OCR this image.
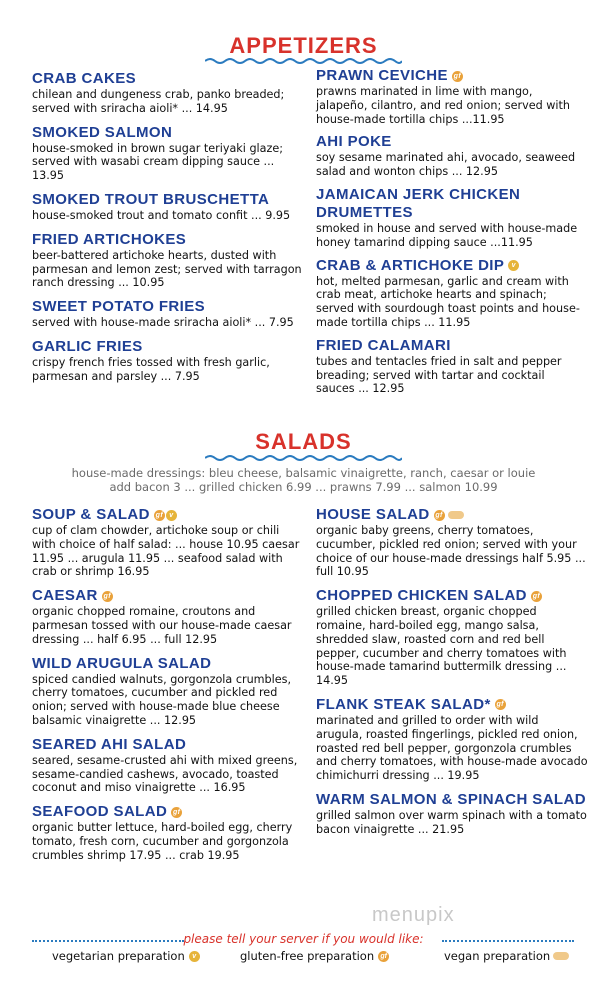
APPETIZERS
CRAB CAKES
chilean and dungeness crab, panko breaded; served with sriracha aioli* ... 14.95
SMOKED SALMON
house-smoked in brown sugar teriyaki glaze; served with wasabi cream dipping sauce ... 13.95
SMOKED TROUT BRUSCHETTA
house-smoked trout and tomato confit ... 9.95
FRIED ARTICHOKES
beer-battered artichoke hearts, dusted with parmesan and lemon zest; served with tarragon ranch dressing ... 10.95
SWEET POTATO FRIES
served with house-made sriracha aioli* ... 7.95
GARLIC FRIES
crispy french fries tossed with fresh garlic, parmesan and parsley ... 7.95
PRAWN CEVICHE gf
prawns marinated in lime with mango, jalapeño, cilantro, and red onion; served with house-made tortilla chips ...11.95
AHI POKE
soy sesame marinated ahi, avocado, seaweed salad and wonton chips ... 12.95
JAMAICAN JERK CHICKEN DRUMETTES
smoked in house and served with house-made honey tamarind dipping sauce ...11.95
CRAB & ARTICHOKE DIP	v
hot, melted parmesan, garlic and cream with crab meat, artichoke hearts and spinach; served with sourdough toast points and house-made tortilla chips ... 11.95
FRIED CALAMARI
tubes and tentacles fried in salt and pepper breading; served with tartar and cocktail sauces ... 12.95
SALADS
house-made dressings: bleu cheese, balsamic vinaigrette, ranch, caesar or louie
add bacon 3 ... grilled chicken 6.99 ... prawns 7.99 ... salmon 10.99
SOUP & SALAD gf v
cup of clam chowder, artichoke soup or chili with choice of half salad: ... house 10.95 caesar 11.95 ... arugula 11.95 ... seafood salad with crab or shrimp 16.95
CAESAR gf
organic chopped romaine, croutons and parmesan tossed with our house-made caesar dressing ... half 6.95 ... full 12.95
WILD ARUGULA SALAD
spiced candied walnuts, gorgonzola crumbles, cherry tomatoes, cucumber and pickled red onion; served with house-made blue cheese balsamic vinaigrette ... 12.95
SEARED AHI SALAD
seared, sesame-crusted ahi with mixed greens, sesame-candied cashews, avocado, toasted coconut and miso vinaigrette ... 16.95
SEAFOOD SALAD gf
organic butter lettuce, hard-boiled egg, cherry tomato, fresh corn, cucumber and gorgonzola crumbles shrimp 17.95 ... crab 19.95
HOUSE SALAD gf
organic baby greens, cherry tomatoes, cucumber, pickled red onion; served with your choice of our house-made dressings half 5.95 ... full 10.95
CHOPPED CHICKEN SALAD gf
grilled chicken breast, organic chopped romaine, hard-boiled egg, mango salsa, shredded slaw, roasted corn and red bell pepper, cucumber and cherry tomatoes with house-made tamarind buttermilk dressing ... 14.95
FLANK STEAK SALAD* gf
marinated and grilled to order with wild arugula, roasted fingerlings, pickled red onion, roasted red bell pepper, gorgonzola crumbles and cherry tomatoes, with house-made avocado chimichurri dressing ... 19.95
WARM SALMON & SPINACH SALAD
grilled salmon over warm spinach with a tomato bacon vinaigrette ... 21.95
menupix
please tell your server if you would like:
vegetarian preparation	v	gluten-free preparation gf	vegan preparation
